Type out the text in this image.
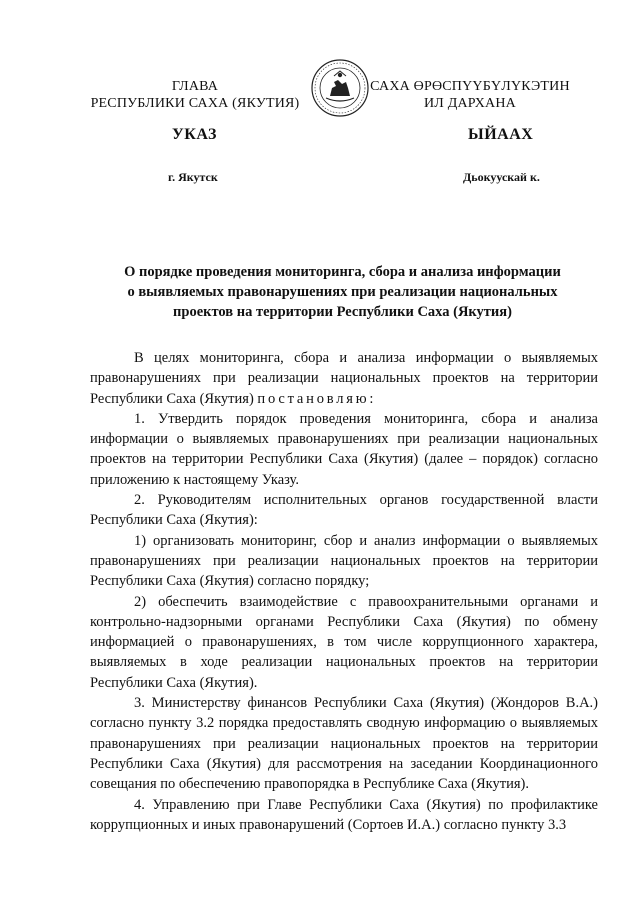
ГЛАВА
РЕСПУБЛИКИ САХА (ЯКУТИЯ)
САХА ӨРӨСПҮҮБҮЛҮКЭТИН
ИЛ ДАРХАНА
УКАЗ	ЫЙААХ
г. Якутск	Дьокуускай к.
О порядке проведения мониторинга, сбора и анализа информации
о выявляемых правонарушениях при реализации национальных
проектов на территории Республики Саха (Якутия)

В целях мониторинга, сбора и анализа информации о выявляемых правонарушениях при реализации национальных проектов на территории Республики Саха (Якутия) постановляю:

1. Утвердить порядок проведения мониторинга, сбора и анализа информации о выявляемых правонарушениях при реализации национальных проектов на территории Республики Саха (Якутия) (далее – порядок) согласно приложению к настоящему Указу.

2. Руководителям исполнительных органов государственной власти Республики Саха (Якутия):

1) организовать мониторинг, сбор и анализ информации о выявляемых правонарушениях при реализации национальных проектов на территории Республики Саха (Якутия) согласно порядку;

2) обеспечить взаимодействие с правоохранительными органами и контрольно-надзорными органами Республики Саха (Якутия) по обмену информацией о правонарушениях, в том числе коррупционного характера, выявляемых в ходе реализации национальных проектов на территории Республики Саха (Якутия).

3. Министерству финансов Республики Саха (Якутия) (Жондоров В.А.) согласно пункту 3.2 порядка предоставлять сводную информацию о выявляемых правонарушениях при реализации национальных проектов на территории Республики Саха (Якутия) для рассмотрения на заседании Координационного совещания по обеспечению правопорядка в Республике Саха (Якутия).

4. Управлению при Главе Республики Саха (Якутия) по профилактике коррупционных и иных правонарушений (Сортоев И.А.) согласно пункту 3.3
